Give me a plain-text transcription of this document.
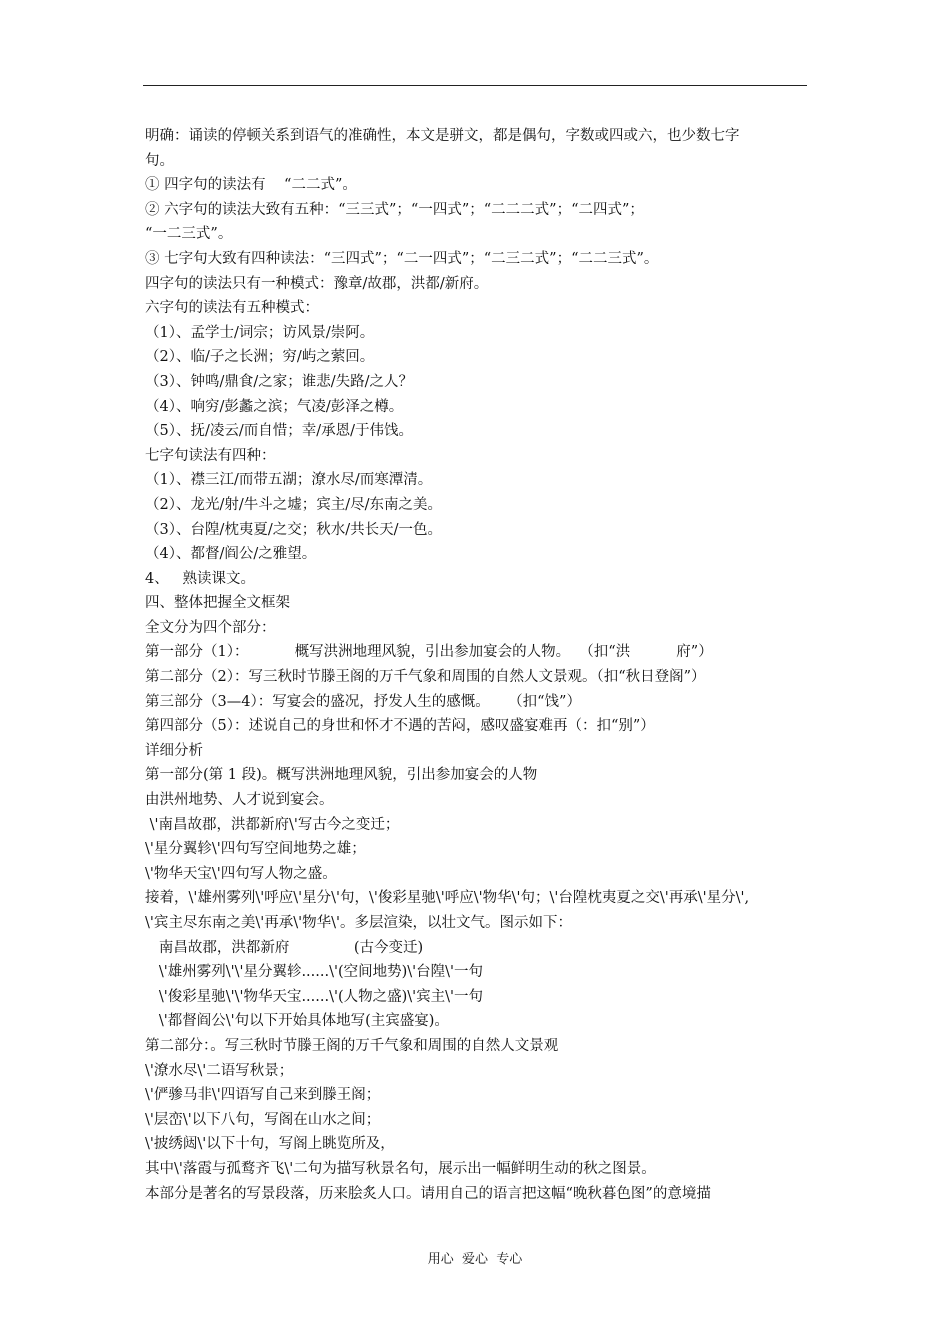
明确：诵读的停顿关系到语气的准确性，本文是骈文，都是偶句，字数或四或六，也少数七字
句。
① 四字句的读法有    “二二式”。
② 六字句的读法大致有五种：“三三式”；“一四式”；“二二二式”；“二四式”；
“一二三式”。
③ 七字句大致有四种读法：“三四式”；“二一四式”；“二三二式”；“二二三式”。
四字句的读法只有一种模式：豫章/故郡，洪都/新府。
六字句的读法有五种模式：
（1）、孟学士/词宗；访风景/崇阿。
（2）、临/子之长洲；穷/屿之萦回。
（3）、钟鸣/鼎食/之家；谁悲/失路/之人？
（4）、响穷/彭蠡之滨；气凌/彭泽之樽。
（5）、抚/凌云/而自惜；幸/承恩/于伟饯。
七字句读法有四种：
（1）、襟三江/而带五湖；潦水尽/而寒潭清。
（2）、龙光/射/牛斗之墟；宾主/尽/东南之美。
（3）、台隍/枕夷夏/之交；秋水/共长天/一色。
（4）、都督/阎公/之雅望。
4、   熟读课文。
四、整体把握全文框架
全文分为四个部分：
第一部分（1）：          概写洪洲地理风貌，引出参加宴会的人物。  （扣“洪          府”）
第二部分（2）：写三秋时节滕王阁的万千气象和周围的自然人文景观。（扣“秋日登阁”）
第三部分（3—4）：写宴会的盛况，抒发人生的感慨。    （扣“饯”）
第四部分（5）：述说自己的身世和怀才不遇的苦闷，感叹盛宴难再（：扣“别”）
详细分析
第一部分(第 1 段)。概写洪洲地理风貌，引出参加宴会的人物
由洪州地势、人才说到宴会。
\'南昌故郡，洪都新府\'写古今之变迁；
\'星分翼轸\'四句写空间地势之雄；
\'物华天宝\'四句写人物之盛。
接着，\'雄州雾列\'呼应\'星分\'句，\'俊彩星驰\'呼应\'物华\'句；\'台隍枕夷夏之交\'再承\'星分\',
\'宾主尽东南之美\'再承\'物华\'。多层渲染，以壮文气。图示如下：
南昌故郡，洪都新府              (古今变迁)
\'雄州雾列\'\'星分翼轸......\'(空间地势)\'台隍\'一句
\'俊彩星驰\'\'物华天宝......\'(人物之盛)\'宾主\'一句
\'都督阎公\'句以下开始具体地写(主宾盛宴)。
第二部分：。写三秋时节滕王阁的万千气象和周围的自然人文景观
\'潦水尽\'二语写秋景；
\'俨骖马非\'四语写自己来到滕王阁；
\'层峦\'以下八句，写阁在山水之间；
\'披绣闼\'以下十句，写阁上眺览所及，
其中\'落霞与孤鹜齐飞\'二句为描写秋景名句，展示出一幅鲜明生动的秋之图景。
本部分是著名的写景段落，历来脍炙人口。请用自己的语言把这幅“晚秋暮色图”的意境描
用心  爱心  专心
